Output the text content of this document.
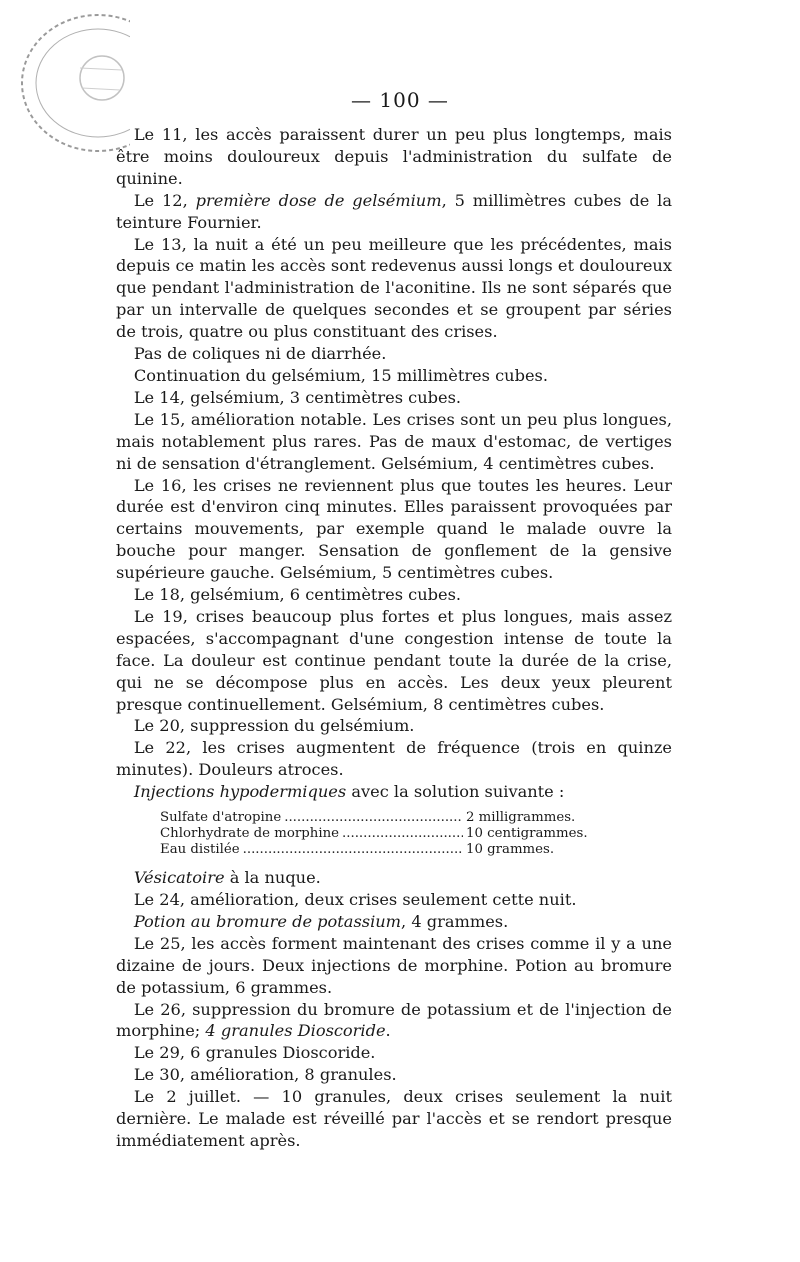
— 100 —

Le 11, les accès paraissent durer un peu plus longtemps, mais être moins douloureux depuis l'administration du sulfate de quinine.

Le 12, première dose de gelsémium, 5 millimètres cubes de la teinture Fournier.

Le 13, la nuit a été un peu meilleure que les précédentes, mais depuis ce matin les accès sont redevenus aussi longs et douloureux que pendant l'administration de l'aconitine. Ils ne sont séparés que par un intervalle de quelques secondes et se groupent par séries de trois, quatre ou plus constituant des crises.

Pas de coliques ni de diarrhée.

Continuation du gelsémium, 15 millimètres cubes.

Le 14, gelsémium, 3 centimètres cubes.

Le 15, amélioration notable. Les crises sont un peu plus longues, mais notablement plus rares. Pas de maux d'estomac, de vertiges ni de sensation d'étranglement. Gelsémium, 4 centimètres cubes.

Le 16, les crises ne reviennent plus que toutes les heures. Leur durée est d'environ cinq minutes. Elles paraissent provoquées par certains mouvements, par exemple quand le malade ouvre la bouche pour manger. Sensation de gonflement de la gensive supérieure gauche. Gelsémium, 5 centimètres cubes.

Le 18, gelsémium, 6 centimètres cubes.

Le 19, crises beaucoup plus fortes et plus longues, mais assez espacées, s'accompagnant d'une congestion intense de toute la face. La douleur est continue pendant toute la durée de la crise, qui ne se décompose plus en accès. Les deux yeux pleurent presque continuellement. Gelsémium, 8 centimètres cubes.

Le 20, suppression du gelsémium.

Le 22, les crises augmentent de fréquence (trois en quinze minutes). Douleurs atroces.

Injections hypodermiques avec la solution suivante :

Sulfate d'atropine .....	2 milligrammes.
Chlorhydrate de morphine .....	10 centigrammes.
Eau distilée .....	10 grammes.

Vésicatoire à la nuque.

Le 24, amélioration, deux crises seulement cette nuit.

Potion au bromure de potassium, 4 grammes.

Le 25, les accès forment maintenant des crises comme il y a une dizaine de jours. Deux injections de morphine. Potion au bromure de potassium, 6 grammes.

Le 26, suppression du bromure de potassium et de l'injection de morphine; 4 granules Dioscoride.

Le 29, 6 granules Dioscoride.

Le 30, amélioration, 8 granules.

Le 2 juillet. — 10 granules, deux crises seulement la nuit dernière. Le malade est réveillé par l'accès et se rendort presque immédiatement après.
